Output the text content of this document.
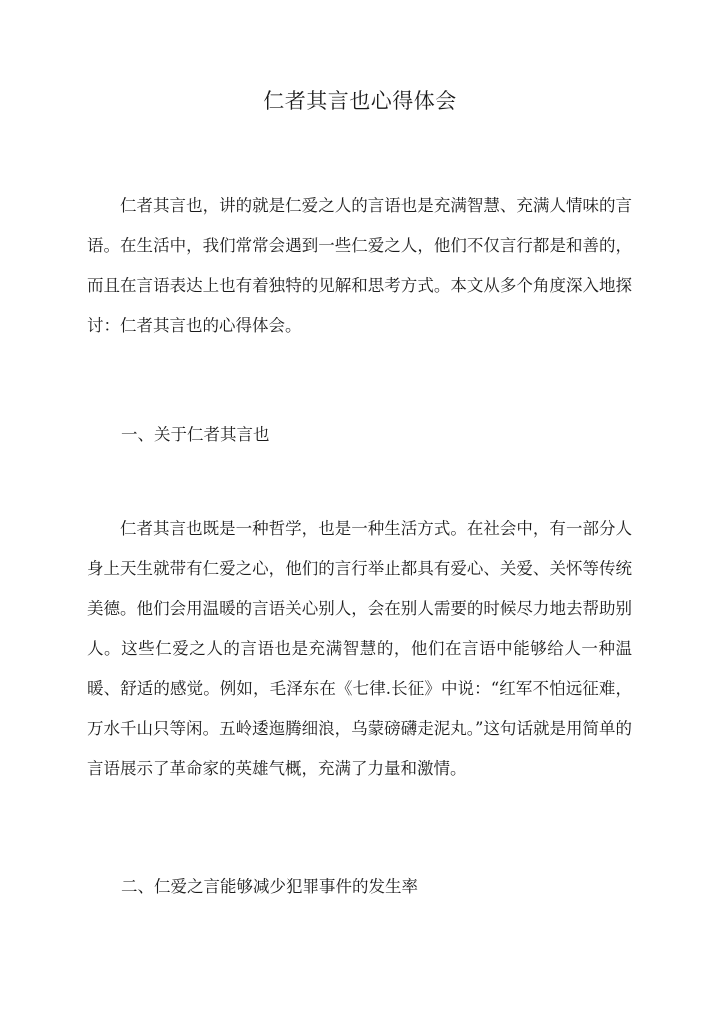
仁者其言也心得体会

仁者其言也，讲的就是仁爱之人的言语也是充满智慧、充满人情味的言语。在生活中，我们常常会遇到一些仁爱之人，他们不仅言行都是和善的，而且在言语表达上也有着独特的见解和思考方式。本文从多个角度深入地探讨：仁者其言也的心得体会。

一、关于仁者其言也

仁者其言也既是一种哲学，也是一种生活方式。在社会中，有一部分人身上天生就带有仁爱之心，他们的言行举止都具有爱心、关爱、关怀等传统美德。他们会用温暖的言语关心别人，会在别人需要的时候尽力地去帮助别人。这些仁爱之人的言语也是充满智慧的，他们在言语中能够给人一种温暖、舒适的感觉。例如，毛泽东在《七律.长征》中说：“红军不怕远征难，万水千山只等闲。五岭逶迤腾细浪，乌蒙磅礴走泥丸。”这句话就是用简单的言语展示了革命家的英雄气概，充满了力量和激情。

二、仁爱之言能够减少犯罪事件的发生率
